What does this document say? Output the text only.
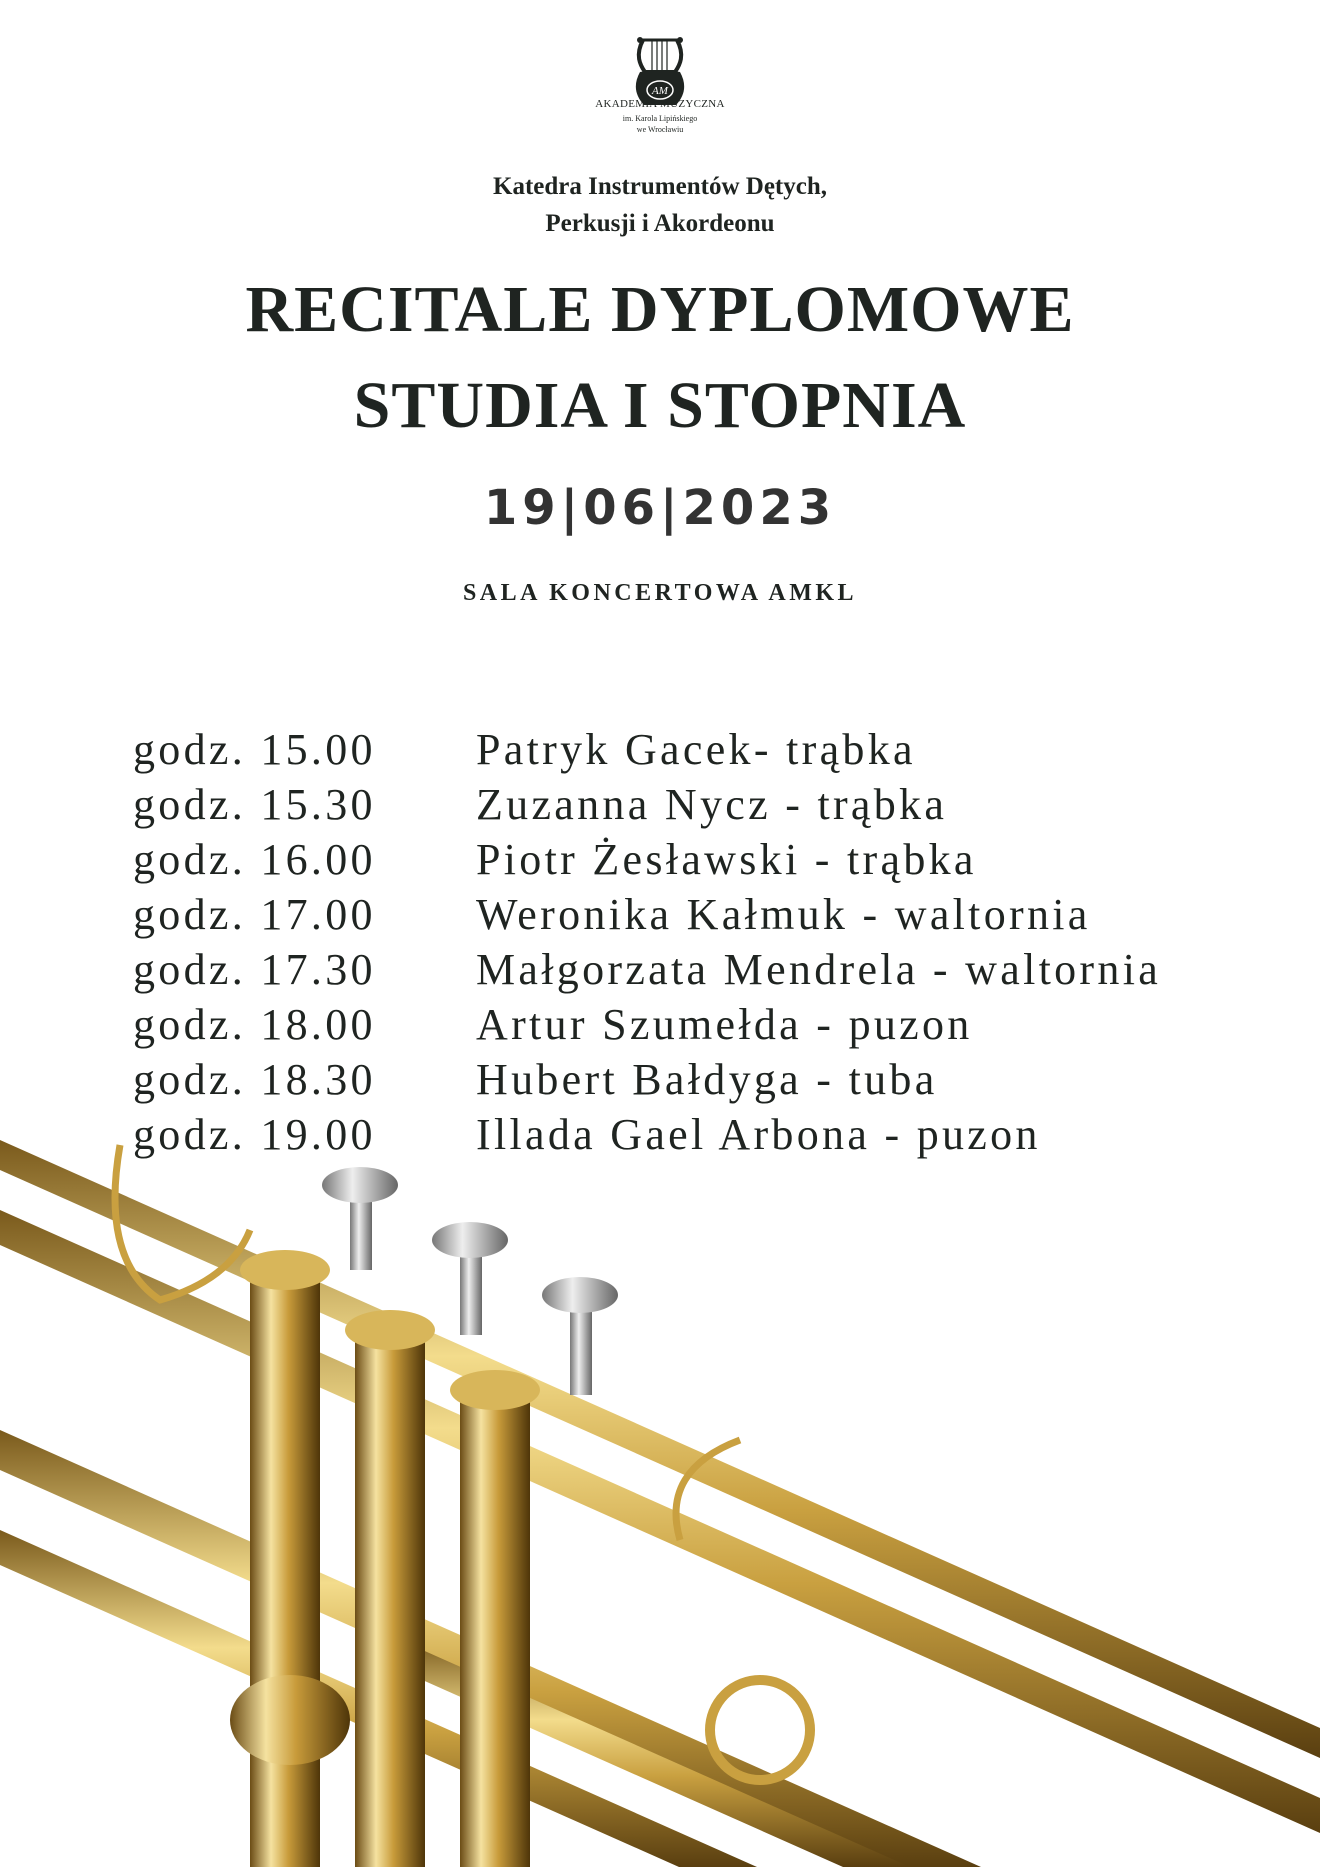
AM
AKADEMIA MUZYCZNA
im. Karola Lipińskiego
we Wrocławiu
Katedra Instrumentów Dętych,
Perkusji i Akordeonu
RECITALE DYPLOMOWE
STUDIA I STOPNIA
19|06|2023
SALA KONCERTOWA AMKL
godz. 15.00	Patryk Gacek- trąbka
godz. 15.30	Zuzanna Nycz - trąbka
godz. 16.00	Piotr Żesławski - trąbka
godz. 17.00	Weronika Kałmuk - waltornia
godz. 17.30	Małgorzata Mendrela - waltornia
godz. 18.00	Artur Szumełda - puzon
godz. 18.30	Hubert Bałdyga - tuba
godz. 19.00	Illada Gael Arbona - puzon
